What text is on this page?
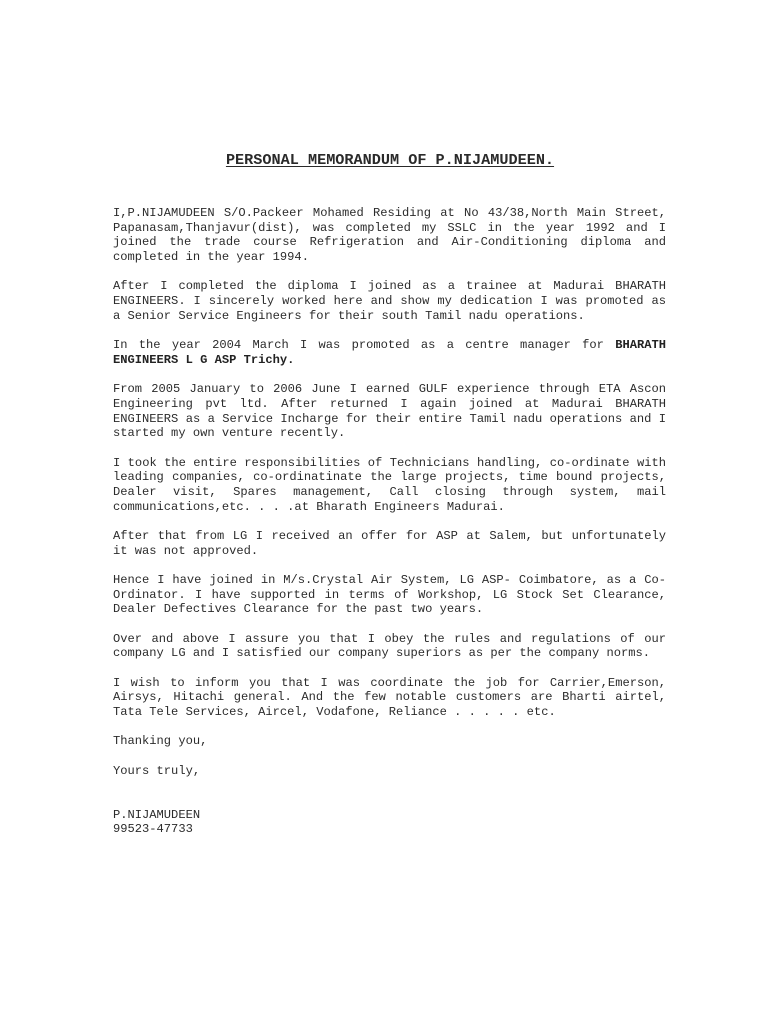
PERSONAL MEMORANDUM OF P.NIJAMUDEEN.

I,P.NIJAMUDEEN S/O.Packeer Mohamed Residing at No 43/38,North Main Street, Papanasam,Thanjavur(dist), was completed my SSLC in the year 1992 and I joined the trade course Refrigeration and Air-Conditioning diploma and completed in the year 1994.

After I completed the diploma I joined as a trainee at Madurai BHARATH ENGINEERS. I sincerely worked here and show my dedication I was promoted as a Senior Service Engineers for their south Tamil nadu operations.

In the year 2004 March I was promoted as a centre manager for BHARATH ENGINEERS L G ASP Trichy.

From 2005 January to 2006 June I earned GULF experience through ETA Ascon Engineering pvt ltd. After returned I again joined at Madurai BHARATH ENGINEERS as a Service Incharge for their entire Tamil nadu operations and I started my own venture recently.

I took the entire responsibilities of Technicians handling, co-ordinate with leading companies, co-ordinatinate the large projects, time bound projects, Dealer visit, Spares management, Call closing through system, mail communications,etc. . . .at Bharath Engineers Madurai.

After that from LG I received an offer for ASP at Salem, but unfortunately it was not approved.

Hence I have joined in M/s.Crystal Air System, LG ASP- Coimbatore, as a Co-Ordinator. I have supported in terms of Workshop, LG Stock Set Clearance, Dealer Defectives Clearance for the past two years.

Over and above I assure you that I obey the rules and regulations of our company LG and I satisfied our company superiors as per the company norms.

I wish to inform you that I was coordinate the job for Carrier,Emerson, Airsys, Hitachi general. And the few notable customers are Bharti airtel, Tata Tele Services, Aircel, Vodafone, Reliance . . . . . etc.

Thanking you,

Yours truly,

P.NIJAMUDEEN

99523-47733
